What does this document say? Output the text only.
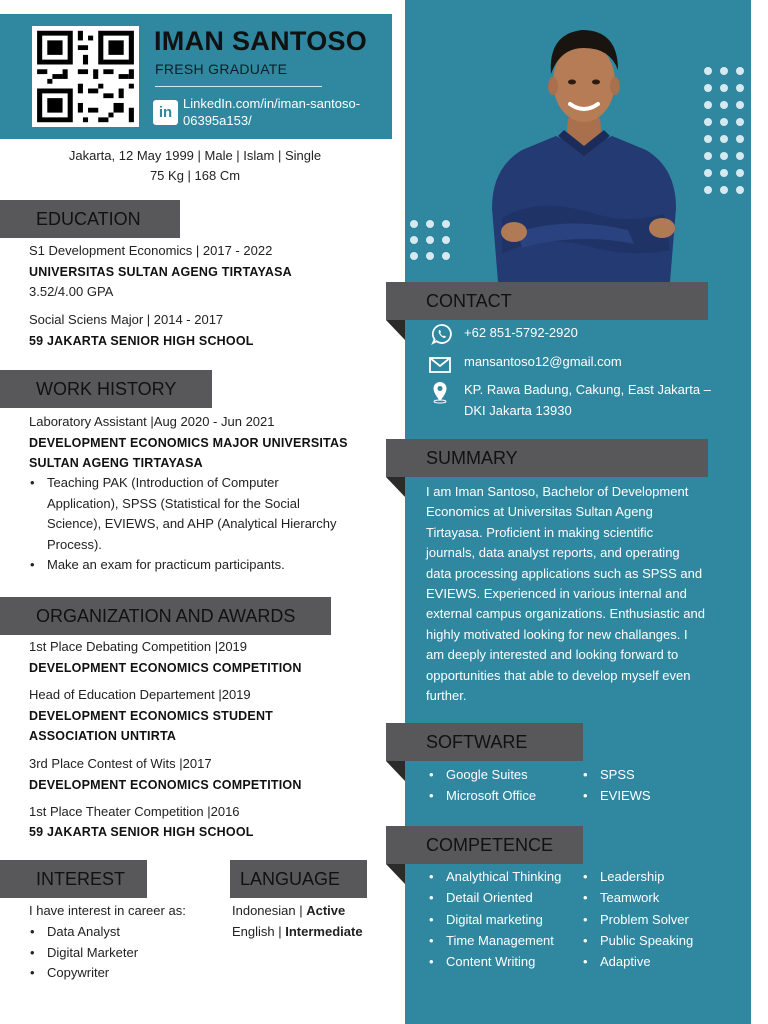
IMAN SANTOSO
FRESH GRADUATE
in
LinkedIn.com/in/iman-santoso-06395a153/
Jakarta, 12 May 1999 | Male | Islam | Single
75 Kg | 168 Cm
EDUCATION
S1 Development Economics | 2017 - 2022
UNIVERSITAS SULTAN AGENG TIRTAYASA
3.52/4.00 GPA
Social Sciens Major | 2014 - 2017
59 JAKARTA SENIOR HIGH SCHOOL
WORK HISTORY
Laboratory Assistant |Aug 2020 - Jun 2021
DEVELOPMENT ECONOMICS MAJOR UNIVERSITAS
SULTAN AGENG TIRTAYASA
• Teaching PAK (Introduction of Computer
Application), SPSS (Statistical for the Social
Science), EVIEWS, and AHP (Analytical Hierarchy
Process).
• Make an exam for practicum participants.
ORGANIZATION AND AWARDS
1st Place Debating Competition |2019
DEVELOPMENT ECONOMICS COMPETITION
Head of Education Departement |2019
DEVELOPMENT ECONOMICS STUDENT
ASSOCIATION UNTIRTA
3rd Place Contest of Wits |2017
DEVELOPMENT ECONOMICS COMPETITION
1st Place Theater Competition |2016
59 JAKARTA SENIOR HIGH SCHOOL
INTEREST
I have interest in career as:
• Data Analyst
• Digital Marketer
• Copywriter
LANGUAGE
Indonesian | Active
English | Intermediate
CONTACT
+62 851-5792-2920
mansantoso12@gmail.com
KP. Rawa Badung, Cakung, East Jakarta –
DKI Jakarta 13930
SUMMARY
I am Iman Santoso, Bachelor of Development
Economics at Universitas Sultan Ageng
Tirtayasa. Proficient in making scientific
journals, data analyst reports, and operating
data processing applications such as SPSS and
EVIEWS. Experienced in various internal and
external campus organizations. Enthusiastic and
highly motivated looking for new challanges. I
am deeply interested and looking forward to
opportunities that able to develop myself even
further.
SOFTWARE
• Google Suites
• Microsoft Office
• SPSS
• EVIEWS
COMPETENCE
• Analythical Thinking
• Detail Oriented
• Digital marketing
• Time Management
• Content Writing
• Leadership
• Teamwork
• Problem Solver
• Public Speaking
• Adaptive
